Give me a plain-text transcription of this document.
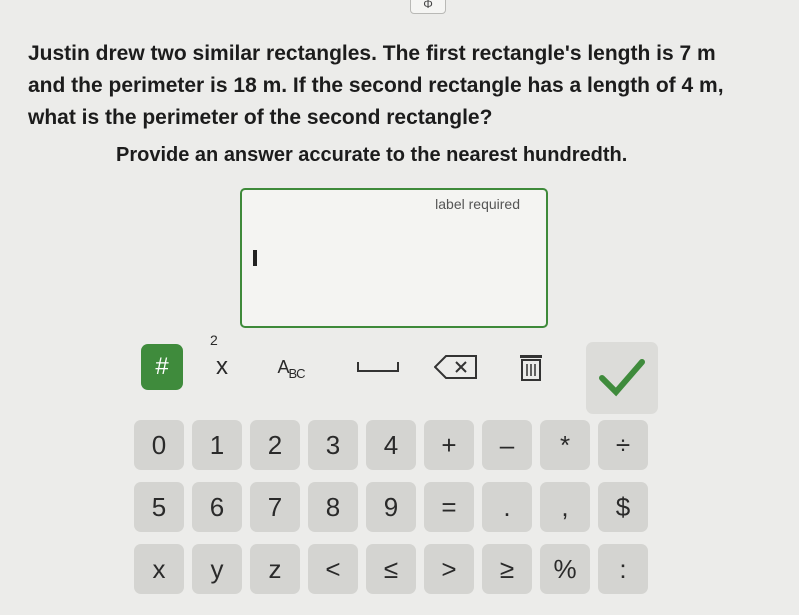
Φ
Justin drew two similar rectangles. The first rectangle's length is 7 m
and the perimeter is 18 m. If the second rectangle has a length of 4 m,
what is the perimeter of the second rectangle?
Provide an answer accurate to the nearest hundredth.
label required
#	x
2
A BC
0	1	2	3	4	+	–	*	÷
5	6	7	8	9	=	.	,	$
x	y	z	<	≤	>	≥	%	:
